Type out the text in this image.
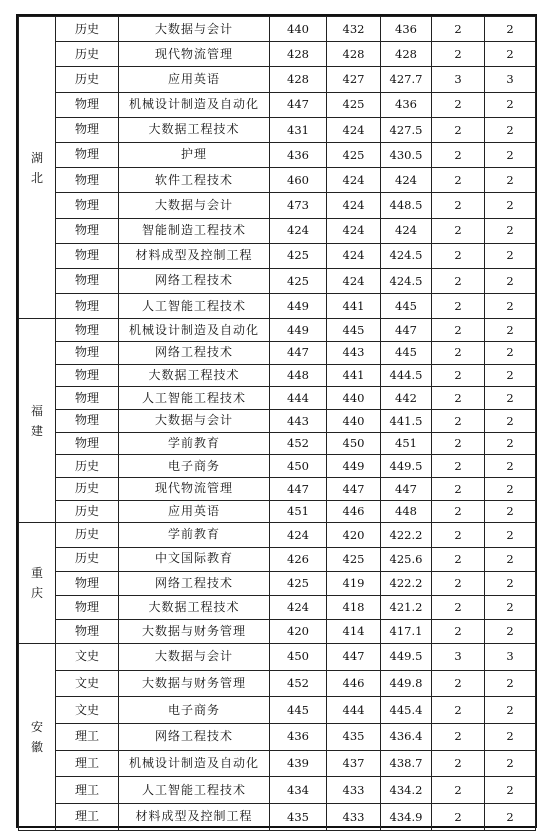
湖北	历史	大数据与会计	440	432	436	2	2
	历史	现代物流管理	428	428	428	2	2
	历史	应用英语	428	427	427.7	3	3
	物理	机械设计制造及自动化	447	425	436	2	2
	物理	大数据工程技术	431	424	427.5	2	2
	物理	护理	436	425	430.5	2	2
	物理	软件工程技术	460	424	424	2	2
	物理	大数据与会计	473	424	448.5	2	2
	物理	智能制造工程技术	424	424	424	2	2
	物理	材料成型及控制工程	425	424	424.5	2	2
	物理	网络工程技术	425	424	424.5	2	2
	物理	人工智能工程技术	449	441	445	2	2
福建	物理	机械设计制造及自动化	449	445	447	2	2
	物理	网络工程技术	447	443	445	2	2
	物理	大数据工程技术	448	441	444.5	2	2
	物理	人工智能工程技术	444	440	442	2	2
	物理	大数据与会计	443	440	441.5	2	2
	物理	学前教育	452	450	451	2	2
	历史	电子商务	450	449	449.5	2	2
	历史	现代物流管理	447	447	447	2	2
	历史	应用英语	451	446	448	2	2
重庆	历史	学前教育	424	420	422.2	2	2
	历史	中文国际教育	426	425	425.6	2	2
	物理	网络工程技术	425	419	422.2	2	2
	物理	大数据工程技术	424	418	421.2	2	2
	物理	大数据与财务管理	420	414	417.1	2	2
安徽	文史	大数据与会计	450	447	449.5	3	3
	文史	大数据与财务管理	452	446	449.8	2	2
	文史	电子商务	445	444	445.4	2	2
	理工	网络工程技术	436	435	436.4	2	2
	理工	机械设计制造及自动化	439	437	438.7	2	2
	理工	人工智能工程技术	434	433	434.2	2	2
	理工	材料成型及控制工程	435	433	434.9	2	2
